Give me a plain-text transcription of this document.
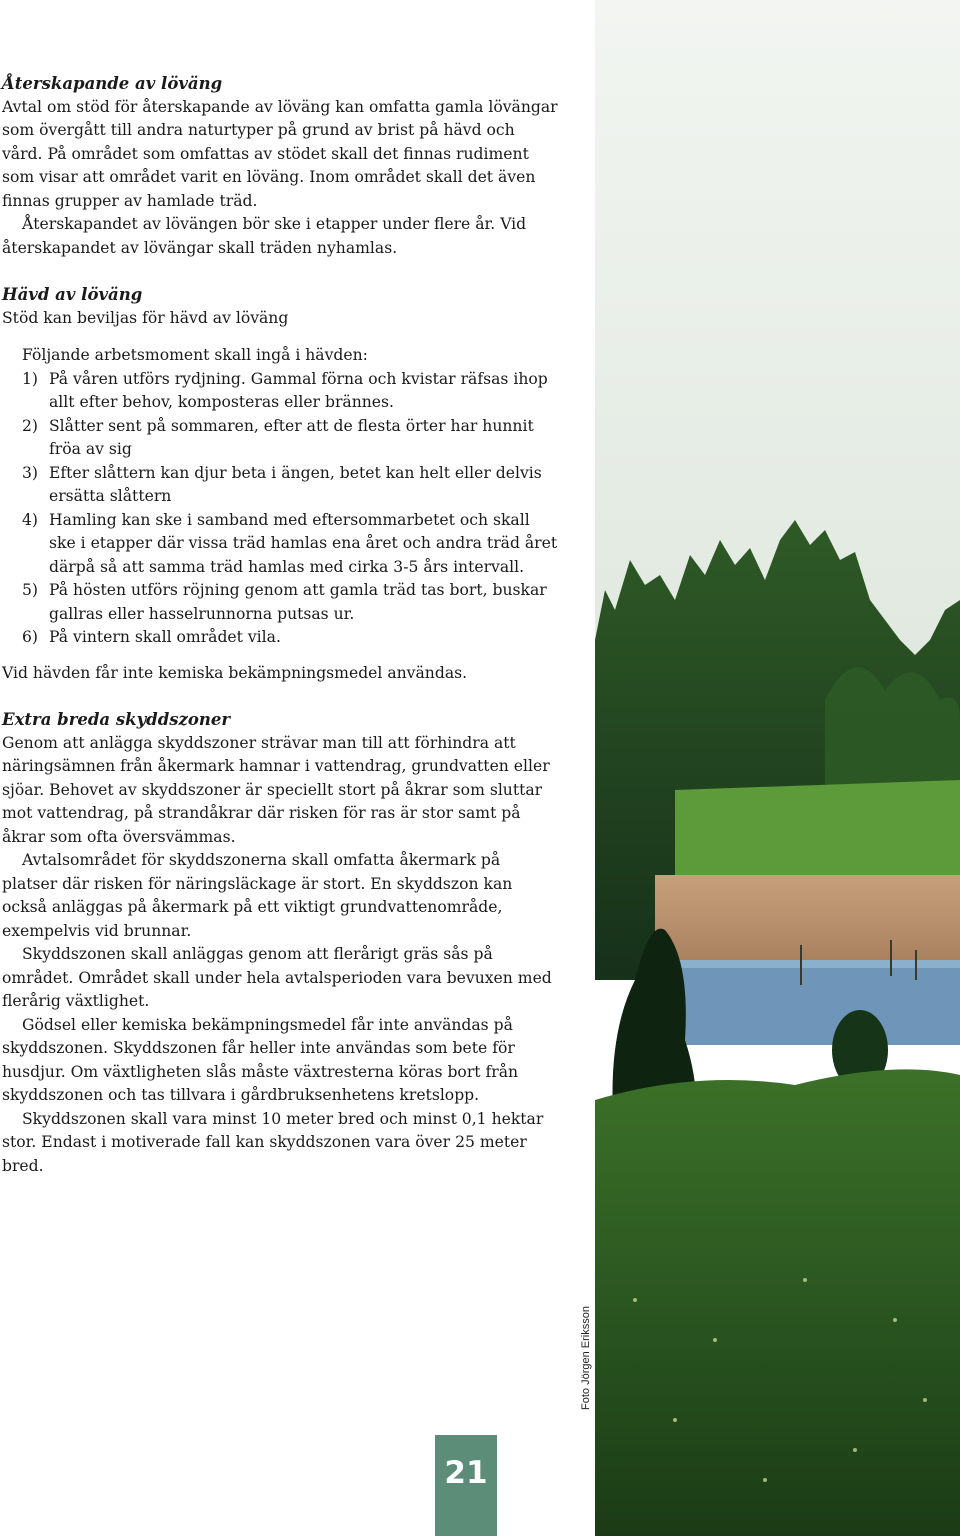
Återskapande av löväng

Avtal om stöd för återskapande av löväng kan omfatta gamla lövängar som övergått till andra naturtyper på grund av brist på hävd och vård. På området som omfattas av stödet skall det finnas rudiment som visar att området varit en löväng. Inom området skall det även finnas grupper av hamlade träd.

Återskapandet av lövängen bör ske i etapper under flere år. Vid återskapandet av lövängar skall träden nyhamlas.

Hävd av löväng

Stöd kan beviljas för hävd av löväng

Följande arbetsmoment skall ingå i hävden:

1) På våren utförs rydjning. Gammal förna och kvistar räfsas ihop allt efter behov, komposteras eller brännes.
2) Slåtter sent på sommaren, efter att de flesta örter har hunnit fröa av sig
3) Efter slåttern kan djur beta i ängen, betet kan helt eller delvis ersätta slåttern
4) Hamling kan ske i samband med eftersommarbetet och skall ske i etapper där vissa träd hamlas ena året och andra träd året därpå så att samma träd hamlas med cirka 3-5 års intervall.
5) På hösten utförs röjning genom att gamla träd tas bort, buskar gallras eller hasselrunnorna putsas ur.
6) På vintern skall området vila.

Vid hävden får inte kemiska bekämpningsmedel användas.

Extra breda skyddszoner

Genom att anlägga skyddszoner strävar man till att förhindra att näringsämnen från åkermark hamnar i vattendrag, grundvatten eller sjöar. Behovet av skyddszoner är speciellt stort på åkrar som sluttar mot vattendrag, på strandåkrar där risken för ras är stor samt på åkrar som ofta översvämmas.

Avtalsområdet för skyddszonerna skall omfatta åkermark på platser där risken för näringsläckage är stort. En skyddszon kan också anläggas på åkermark på ett viktigt grundvattenområde, exempelvis vid brunnar.

Skyddszonen skall anläggas genom att flerårigt gräs sås på området. Området skall under hela avtalsperioden vara bevuxen med flerårig växtlighet.

Gödsel eller kemiska bekämpningsmedel får inte användas på skyddszonen. Skyddszonen får heller inte användas som bete för husdjur. Om växtligheten slås måste växtresterna köras bort från skyddszonen och tas tillvara i gårdbruksenhetens kretslopp.

Skyddszonen skall vara minst 10 meter bred och minst 0,1 hektar stor. Endast i motiverade fall kan skyddszonen vara över 25 meter bred.

Foto Jörgen Eriksson
21
